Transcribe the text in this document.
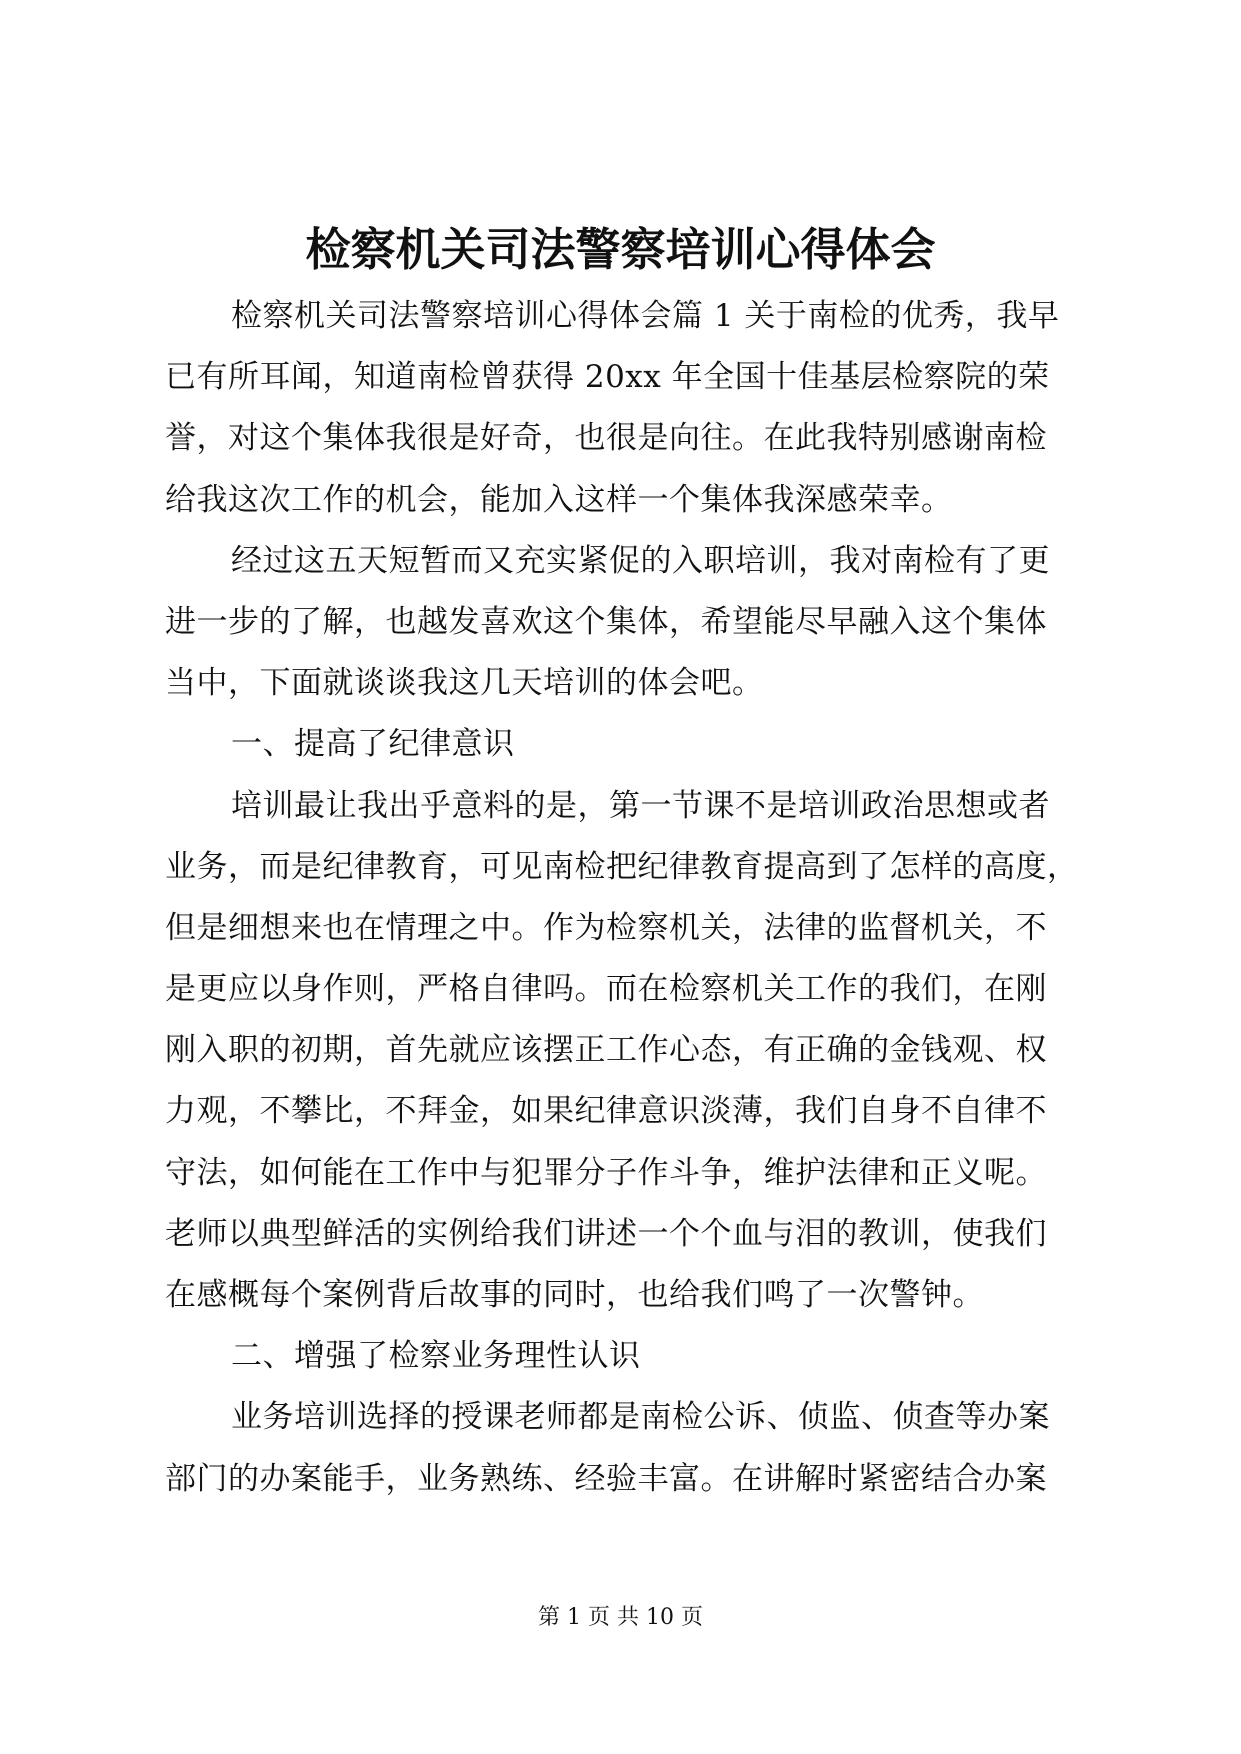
检察机关司法警察培训心得体会
检察机关司法警察培训心得体会篇 1 关于南检的优秀，我早
已有所耳闻，知道南检曾获得 20xx 年全国十佳基层检察院的荣
誉，对这个集体我很是好奇，也很是向往。在此我特别感谢南检
给我这次工作的机会，能加入这样一个集体我深感荣幸。
经过这五天短暂而又充实紧促的入职培训，我对南检有了更
进一步的了解，也越发喜欢这个集体，希望能尽早融入这个集体
当中，下面就谈谈我这几天培训的体会吧。
一、提高了纪律意识
培训最让我出乎意料的是，第一节课不是培训政治思想或者
业务，而是纪律教育，可见南检把纪律教育提高到了怎样的高度，
但是细想来也在情理之中。作为检察机关，法律的监督机关，不
是更应以身作则，严格自律吗。而在检察机关工作的我们，在刚
刚入职的初期，首先就应该摆正工作心态，有正确的金钱观、权
力观，不攀比，不拜金，如果纪律意识淡薄，我们自身不自律不
守法，如何能在工作中与犯罪分子作斗争，维护法律和正义呢。
老师以典型鲜活的实例给我们讲述一个个血与泪的教训，使我们
在感概每个案例背后故事的同时，也给我们鸣了一次警钟。
二、增强了检察业务理性认识
业务培训选择的授课老师都是南检公诉、侦监、侦查等办案
部门的办案能手，业务熟练、经验丰富。在讲解时紧密结合办案
第 1 页 共 10 页
